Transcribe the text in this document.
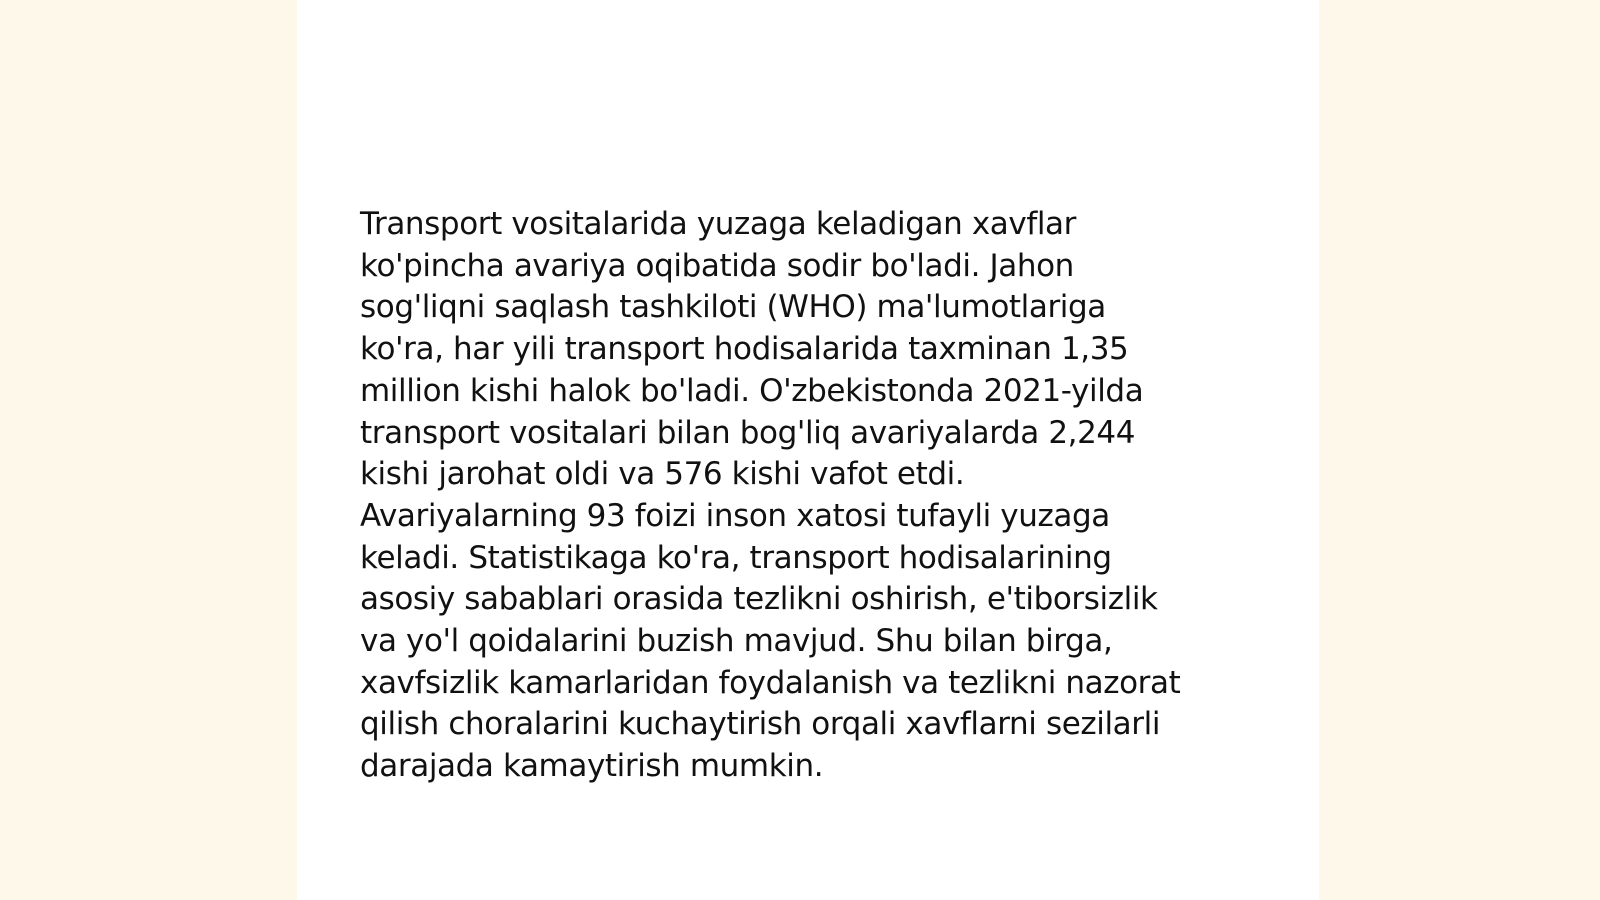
Transport vositalarida yuzaga keladigan xavflar
ko'pincha avariya oqibatida sodir bo'ladi. Jahon
sog'liqni saqlash tashkiloti (WHO) ma'lumotlariga
ko'ra, har yili transport hodisalarida taxminan 1,35
million kishi halok bo'ladi. O'zbekistonda 2021-yilda
transport vositalari bilan bog'liq avariyalarda 2,244
kishi jarohat oldi va 576 kishi vafot etdi.
Avariyalarning 93 foizi inson xatosi tufayli yuzaga
keladi. Statistikaga ko'ra, transport hodisalarining
asosiy sabablari orasida tezlikni oshirish, e'tiborsizlik
va yo'l qoidalarini buzish mavjud. Shu bilan birga,
xavfsizlik kamarlaridan foydalanish va tezlikni nazorat
qilish choralarini kuchaytirish orqali xavflarni sezilarli
darajada kamaytirish mumkin.
